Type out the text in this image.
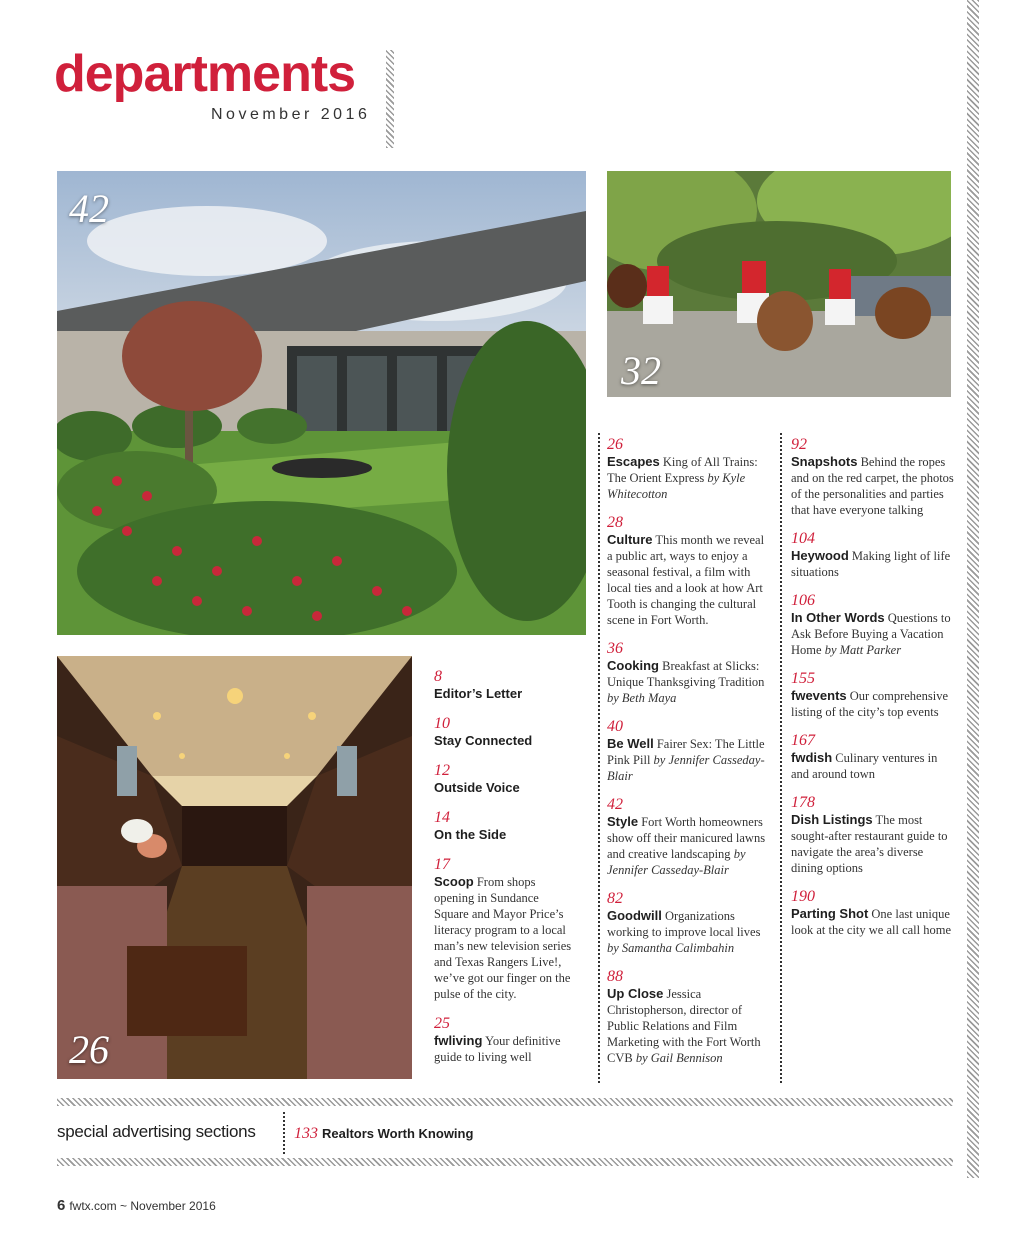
departments
November 2016
42
32
26
8
Editor’s Letter
10
Stay Connected
12
Outside Voice
14
On the Side
17
Scoop From shops opening in Sundance Square and Mayor Price’s literacy program to a local man’s new television series and Texas Rangers Live!, we’ve got our finger on the pulse of the city.
25
fwliving Your definitive guide to living well
26
Escapes King of All Trains: The Orient Express by Kyle Whitecotton
28
Culture This month we reveal a public art, ways to enjoy a seasonal festival, a film with local ties and a look at how Art Tooth is changing the cultural scene in Fort Worth.
36
Cooking Breakfast at Slicks: Unique Thanksgiving Tradition by Beth Maya
40
Be Well Fairer Sex: The Little Pink Pill by Jennifer Casseday-Blair
42
Style Fort Worth homeowners show off their manicured lawns and creative landscaping by Jennifer Casseday-Blair
82
Goodwill Organizations working to improve local lives by Samantha Calimbahin
88
Up Close Jessica Christopherson, director of Public Relations and Film Marketing with the Fort Worth CVB by Gail Bennison
92
Snapshots Behind the ropes and on the red carpet, the photos of the personalities and parties that have everyone talking
104
Heywood Making light of life situations
106
In Other Words Questions to Ask Before Buying a Vacation Home by Matt Parker
155
fwevents Our comprehensive listing of the city’s top events
167
fwdish Culinary ventures in and around town
178
Dish Listings The most sought-after restaurant guide to navigate the area’s diverse dining options
190
Parting Shot One last unique look at the city we all call home
special advertising sections 133 Realtors Worth Knowing
6 fwtx.com ~ November 2016
